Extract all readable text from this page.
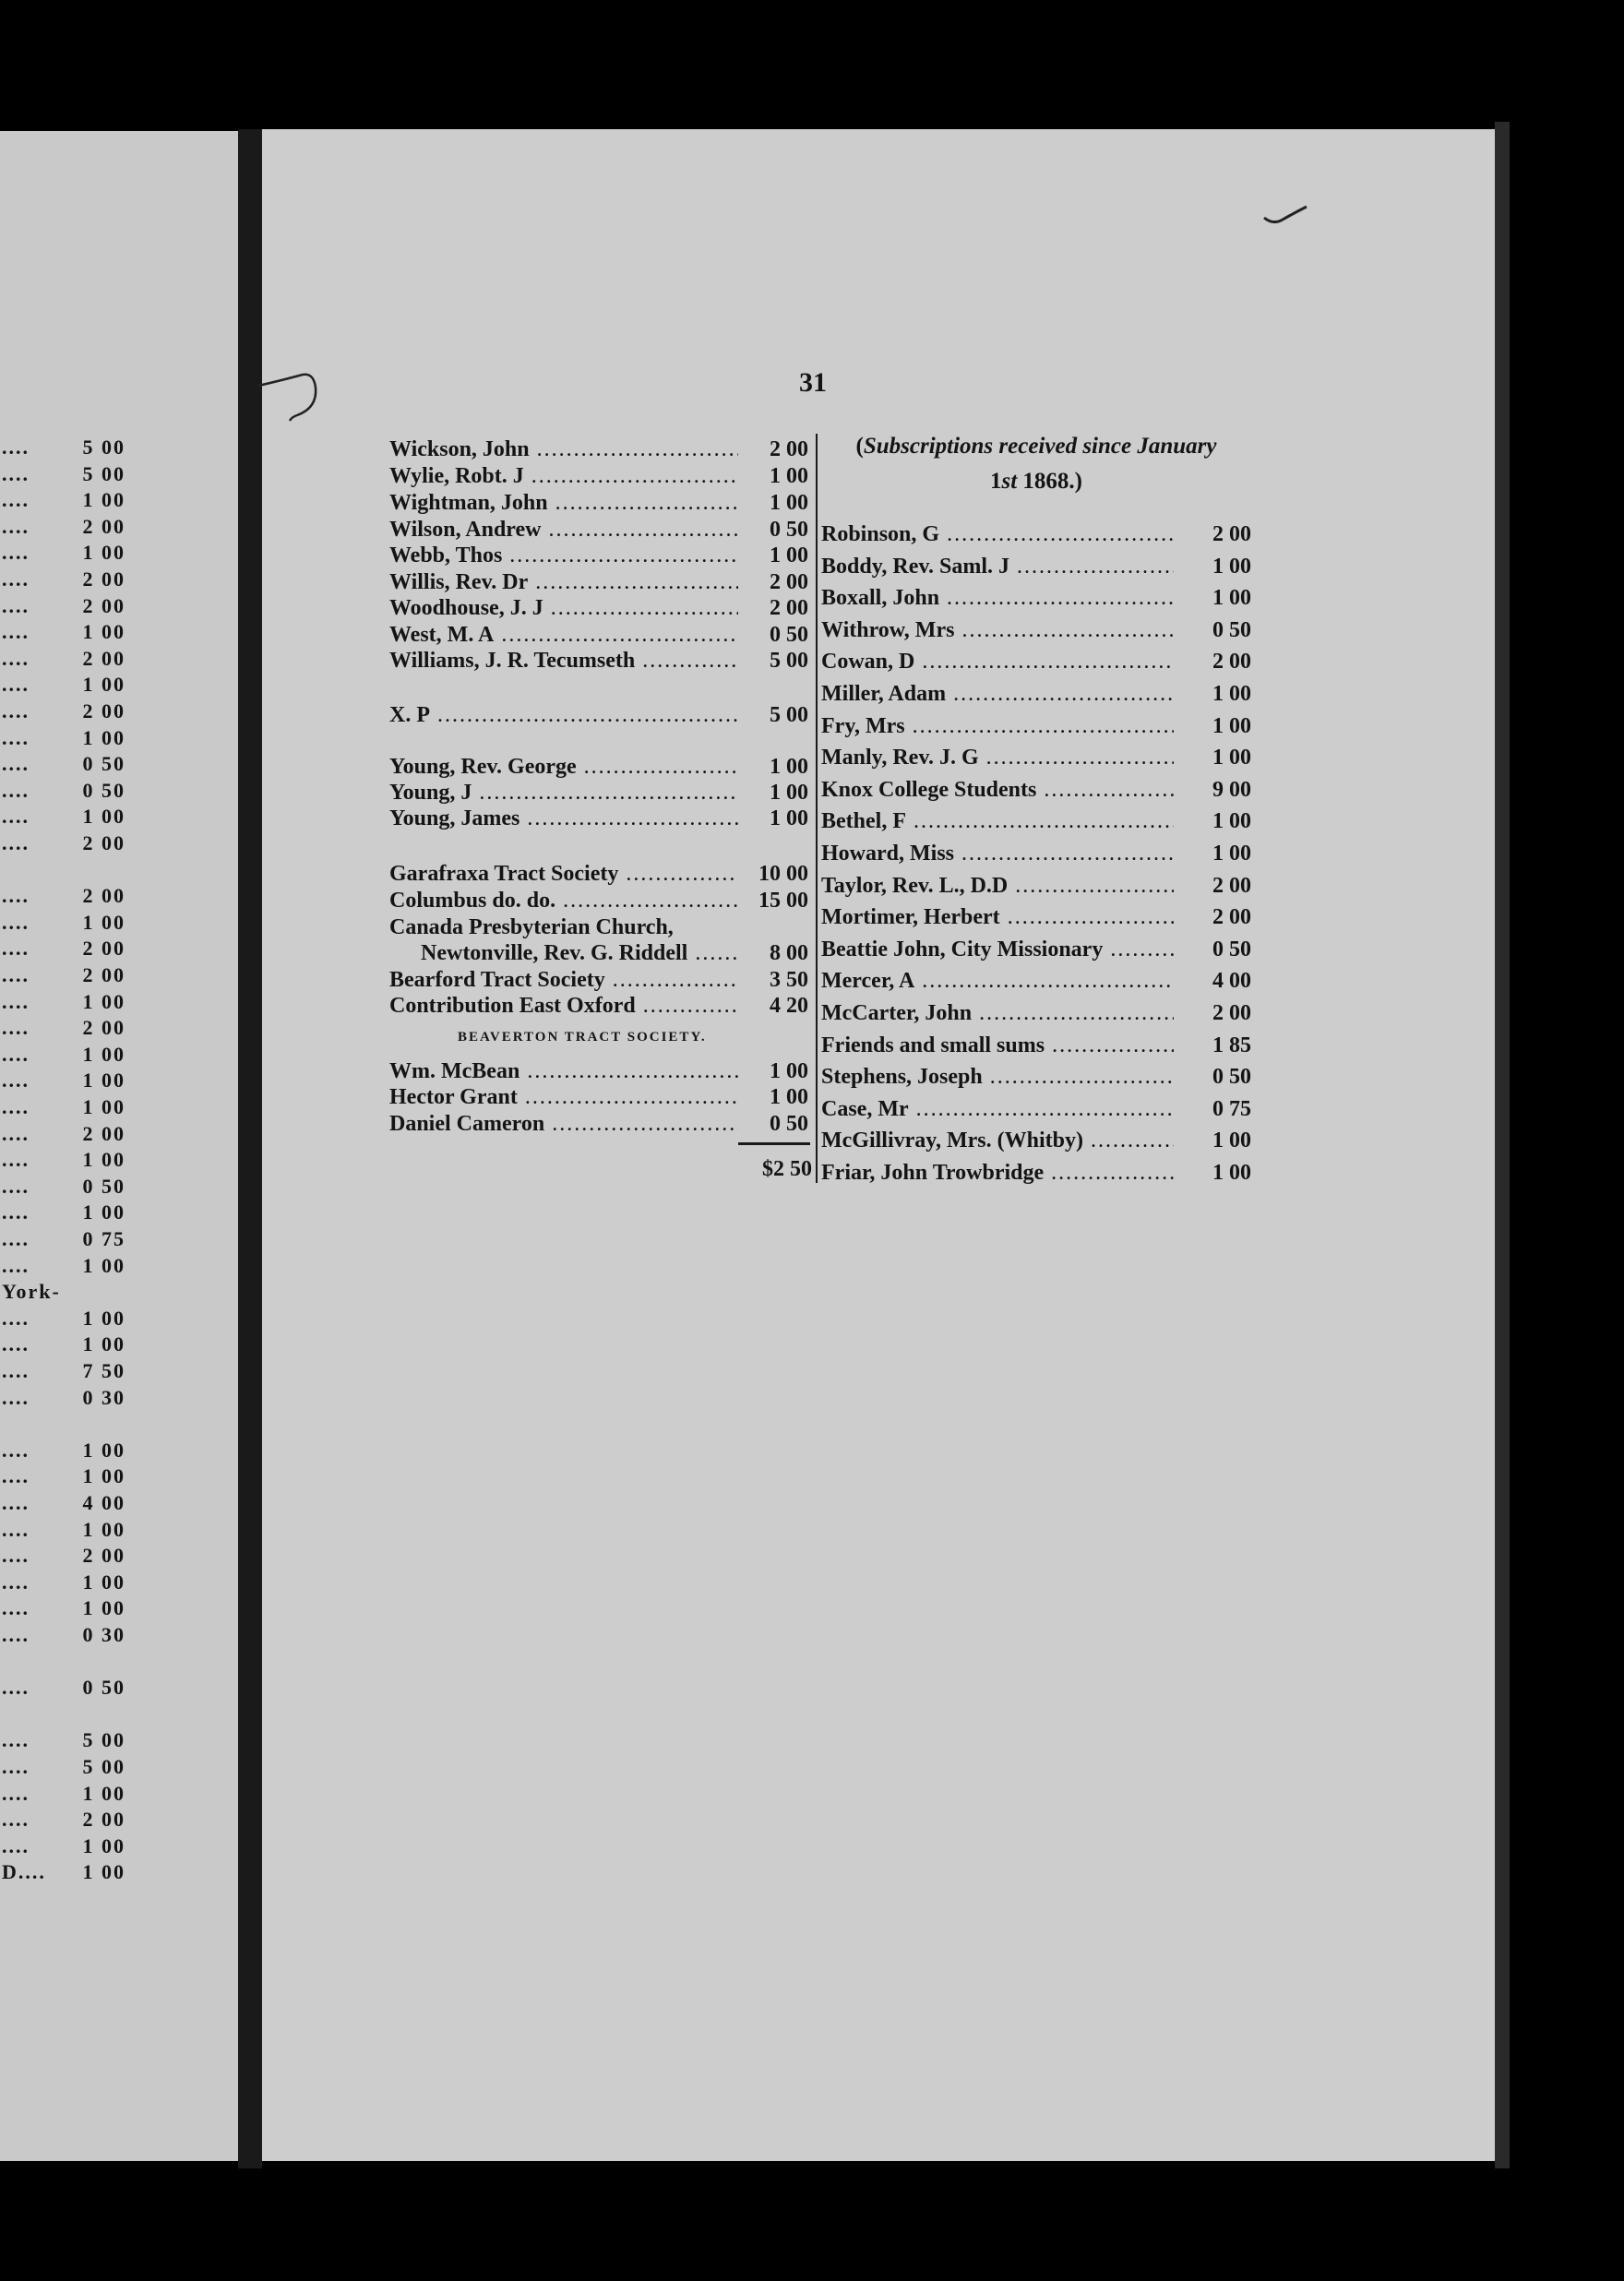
....	5 00
....	5 00
....	1 00
....	2 00
....	1 00
....	2 00
....	2 00
....	1 00
....	2 00
....	1 00
....	2 00
....	1 00
....	0 50
....	0 50
....	1 00
....	2 00
....	2 00
....	1 00
....	2 00
....	2 00
....	1 00
....	2 00
....	1 00
....	1 00
....	1 00
....	2 00
....	1 00
....	0 50
....	1 00
....	0 75
....	1 00
York-
....	1 00
....	1 00
....	7 50
....	0 30
....	1 00
....	1 00
....	4 00
....	1 00
....	2 00
....	1 00
....	1 00
....	0 30
....	0 50
....	5 00
....	5 00
....	1 00
....	2 00
....	1 00
D....	1 00
31
Wickson, John .....	2 00
Wylie, Robt. J .....	1 00
Wightman, John .....	1 00
Wilson, Andrew .....	0 50
Webb, Thos .....	1 00
Willis, Rev. Dr .....	2 00
Woodhouse, J. J .....	2 00
West, M. A .....	0 50
Williams, J. R. Tecumseth .....	5 00
X. P .....	5 00
Young, Rev. George .....	1 00
Young, J .....	1 00
Young, James .....	1 00
Garafraxa Tract Society .....	10 00
Columbus do. do. .....	15 00
Canada Presbyterian Church,
Newtonville, Rev. G. Riddell .....	8 00
Bearford Tract Society .....	3 50
Contribution East Oxford .....	4 20
Wm. McBean .....	1 00
Hector Grant .....	1 00
Daniel Cameron .....	0 50
BEAVERTON TRACT SOCIETY.
$2 50
(Subscriptions received since January
1st 1868.)
Robinson, G .....	2 00
Boddy, Rev. Saml. J .....	1 00
Boxall, John .....	1 00
Withrow, Mrs .....	0 50
Cowan, D .....	2 00
Miller, Adam .....	1 00
Fry, Mrs .....	1 00
Manly, Rev. J. G .....	1 00
Knox College Students .....	9 00
Bethel, F .....	1 00
Howard, Miss .....	1 00
Taylor, Rev. L., D.D .....	2 00
Mortimer, Herbert .....	2 00
Beattie John, City Missionary .....	0 50
Mercer, A .....	4 00
McCarter, John .....	2 00
Friends and small sums .....	1 85
Stephens, Joseph .....	0 50
Case, Mr .....	0 75
McGillivray, Mrs. (Whitby) .....	1 00
Friar, John Trowbridge .....	1 00
